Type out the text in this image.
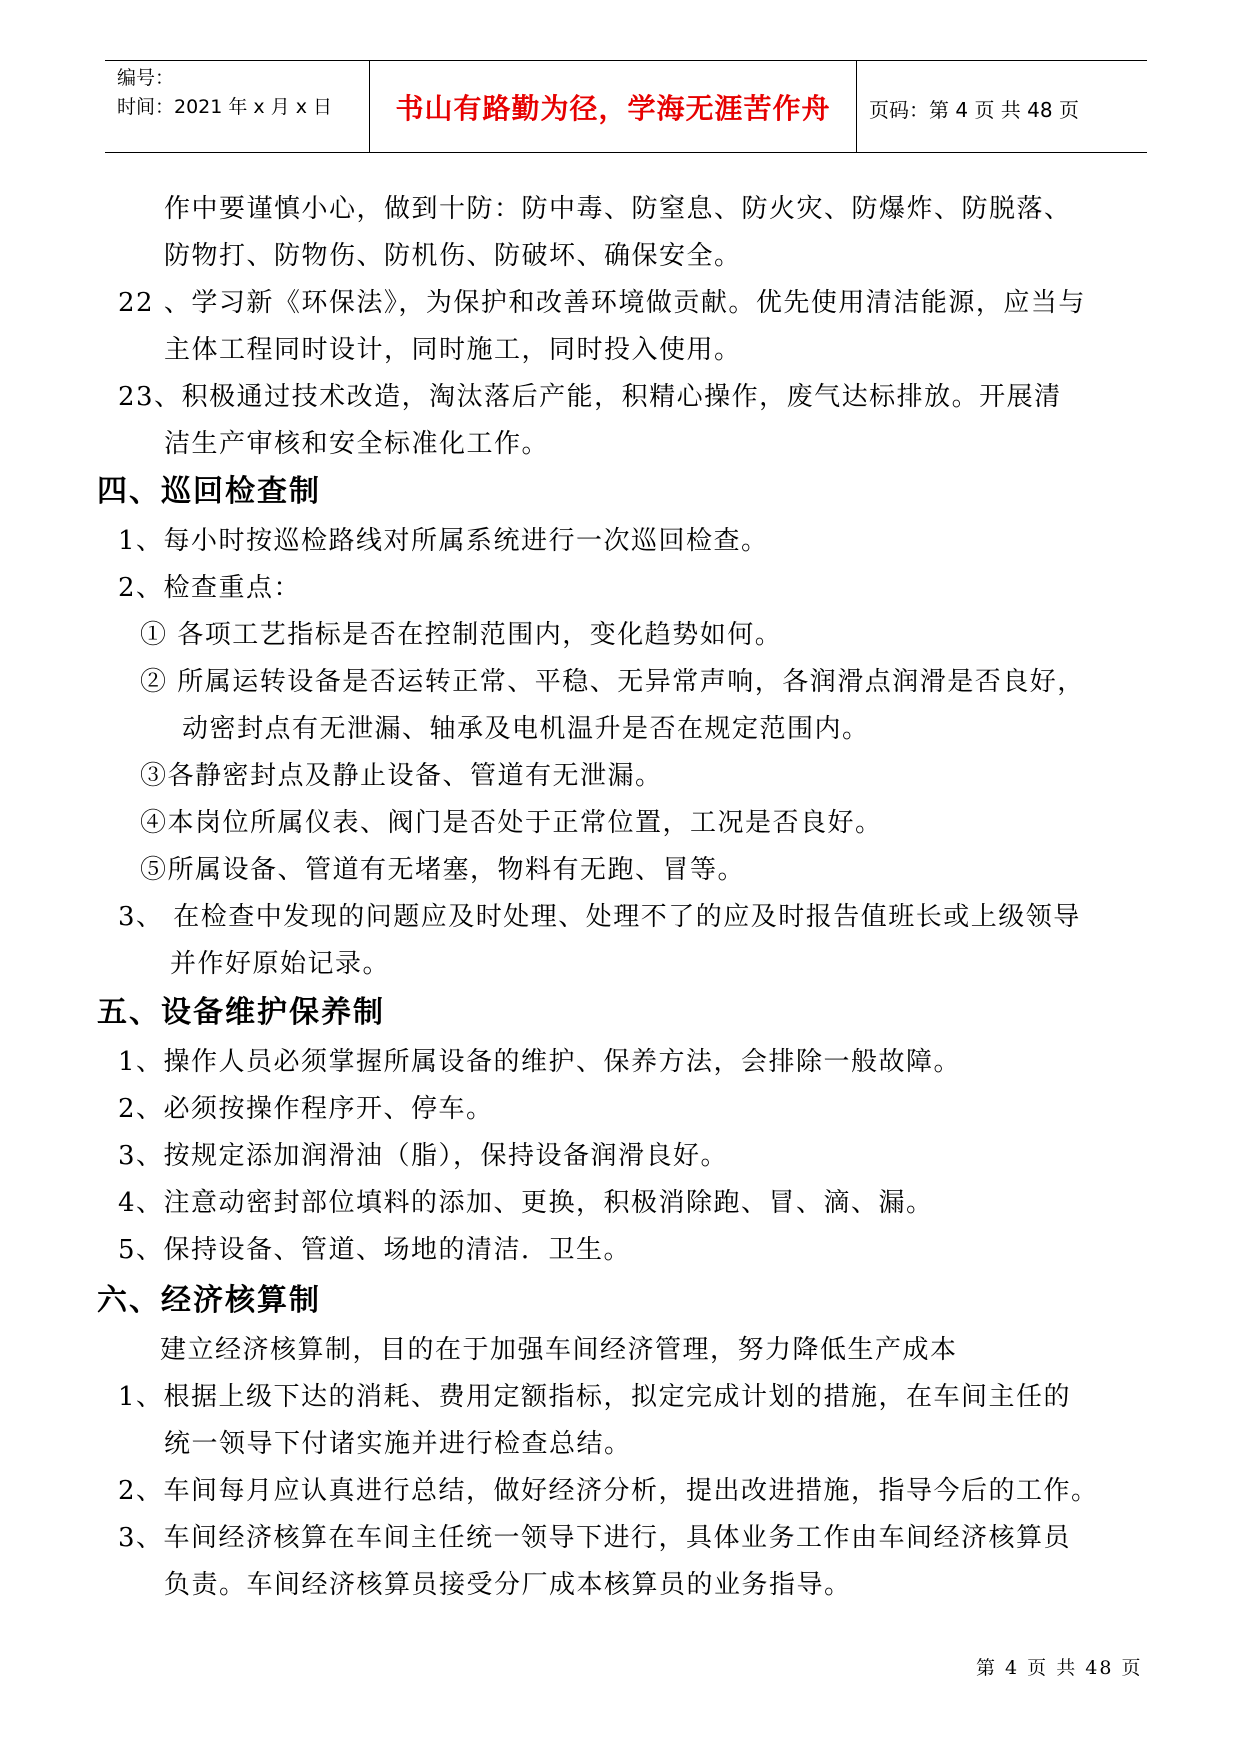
编号：
时间：2021 年 x 月 x 日	书山有路勤为径，学海无涯苦作舟	页码：第 4 页 共 48 页
作中要谨慎小心，做到十防：防中毒、防窒息、防火灾、防爆炸、防脱落、
防物打、防物伤、防机伤、防破坏、确保安全。
22 、学习新《环保法》，为保护和改善环境做贡献。优先使用清洁能源，应当与
主体工程同时设计，同时施工，同时投入使用。
23、积极通过技术改造，淘汰落后产能，积精心操作，废气达标排放。开展清
洁生产审核和安全标准化工作。
四、巡回检查制
1、每小时按巡检路线对所属系统进行一次巡回检查。
2、检查重点：
① 各项工艺指标是否在控制范围内，变化趋势如何。
② 所属运转设备是否运转正常、平稳、无异常声响，各润滑点润滑是否良好，
动密封点有无泄漏、轴承及电机温升是否在规定范围内。
③各静密封点及静止设备、管道有无泄漏。
④本岗位所属仪表、阀门是否处于正常位置，工况是否良好。
⑤所属设备、管道有无堵塞，物料有无跑、冒等。
3、 在检查中发现的问题应及时处理、处理不了的应及时报告值班长或上级领导
并作好原始记录。
五、设备维护保养制
1、操作人员必须掌握所属设备的维护、保养方法，会排除一般故障。
2、必须按操作程序开、停车。
3、按规定添加润滑油（脂），保持设备润滑良好。
4、注意动密封部位填料的添加、更换，积极消除跑、冒、滴、漏。
5、保持设备、管道、场地的清洁．卫生。
六、经济核算制
建立经济核算制，目的在于加强车间经济管理，努力降低生产成本
1、根据上级下达的消耗、费用定额指标，拟定完成计划的措施，在车间主任的
统一领导下付诸实施并进行检查总结。
2、车间每月应认真进行总结，做好经济分析，提出改进措施，指导今后的工作。
3、车间经济核算在车间主任统一领导下进行，具体业务工作由车间经济核算员
负责。车间经济核算员接受分厂成本核算员的业务指导。
第 4 页 共 48 页
